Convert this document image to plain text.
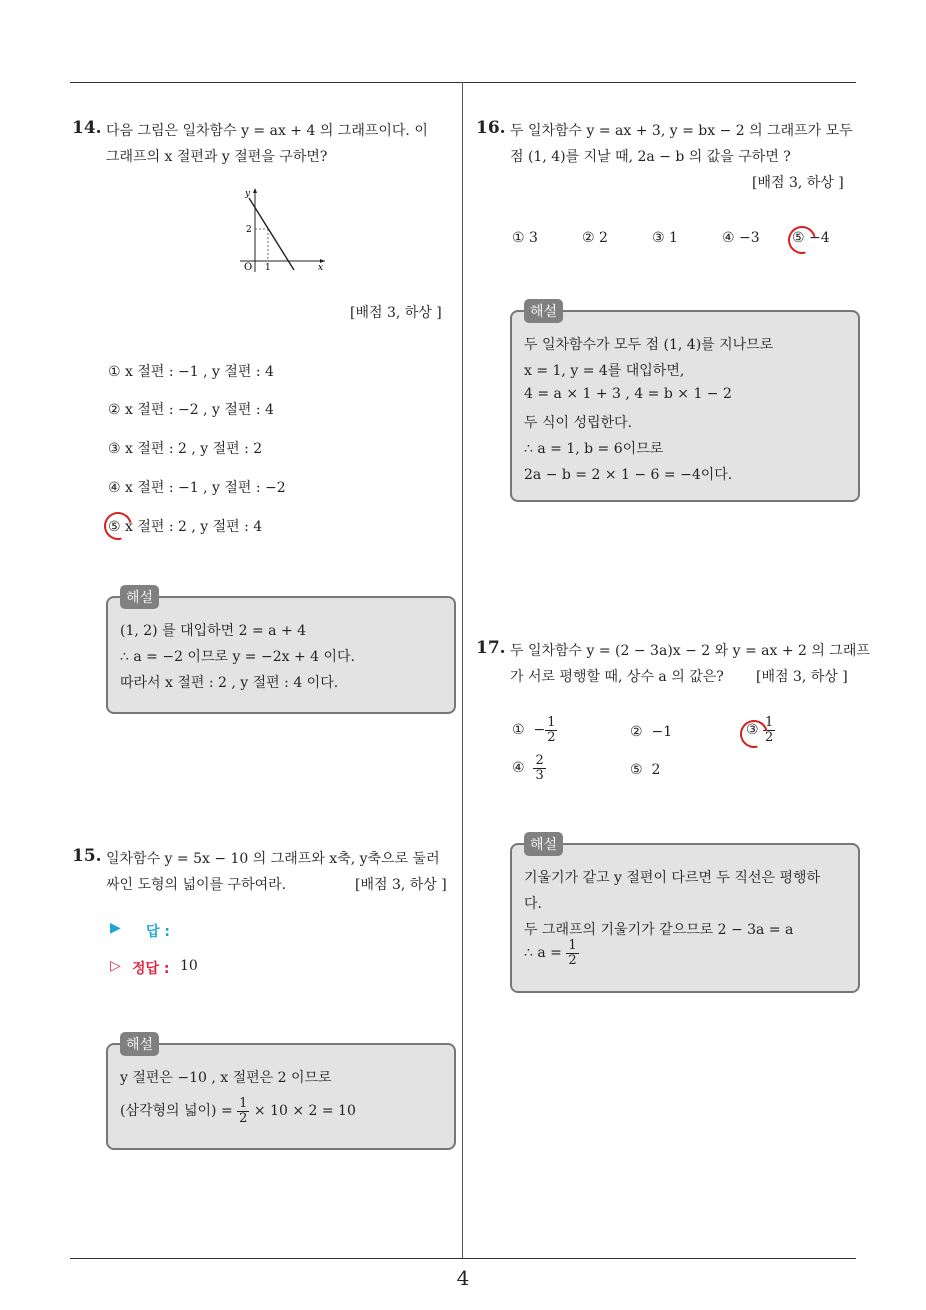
4
14. 다음 그림은 일차함수 y = ax + 4 의 그래프이다. 이
그래프의 x 절편과 y 절편을 구하면?
y
x
O 1
2
[배점 3, 하상 ]
① x 절편 : −1 , y 절편 : 4
② x 절편 : −2 , y 절편 : 4
③ x 절편 : 2 , y 절편 : 2
④ x 절편 : −1 , y 절편 : −2
⑤ x 절편 : 2 , y 절편 : 4
(1, 2) 를 대입하면 2 = a + 4
∴ a = −2 이므로 y = −2x + 4 이다.
따라서 x 절편 : 2 , y 절편 : 4 이다.
해설
15. 일차함수 y = 5x − 10 의 그래프와 x축, y축으로 둘러
싸인 도형의 넓이를 구하여라.	[배점 3, 하상 ]
▶ 답 :
▷ 정답 : 10
y 절편은 −10 , x 절편은 2 이므로
(삼각형의 넓이) = $\frac{1}{2} \times 10 \times 2 = 10$
해설
16. 두 일차함수 y = ax + 3, y = bx − 2 의 그래프가 모두
점 (1, 4)를 지날 때, 2a − b 의 값을 구하면 ?
[배점 3, 하상 ]
① 3	② 2	③ 1	④ −3 ⑤ −4
두 일차함수가 모두 점 (1, 4)를 지나므로
x = 1, y = 4를 대입하면,
4 = a × 1 + 3 , 4 = b × 1 − 2
두 식이 성립한다.
∴ a = 1, b = 6이므로
2a − b = 2 × 1 − 6 = −4이다.
해설
17. 두 일차함수 y = (2 − 3a)x − 2 와 y = ax + 2 의 그래프
가 서로 평행할 때, 상수 a 의 값은? [배점 3, 하상 ]
① − $\frac{1}{2}$	② −1	③ $\frac{1}{2}$
④ $\frac{2}{3}$	⑤ 2
기울기가 같고 y 절편이 다르면 두 직선은 평행하
다.
두 그래프의 기울기가 같으므로 2 − 3a = a
∴ $a = \frac{1}{2}$
해설
